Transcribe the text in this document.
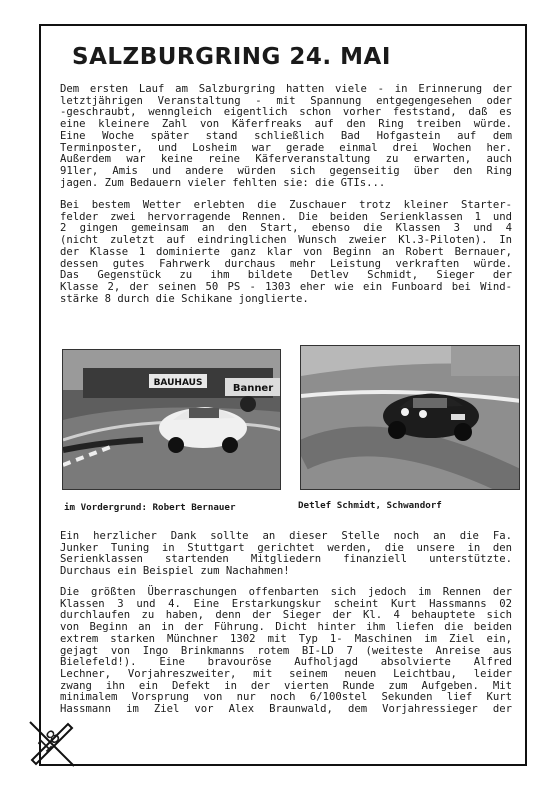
SALZBURGRING 24. MAI
Dem ersten Lauf am Salzburgring hatten viele - in Erinnerung der
letztjährigen Veranstaltung - mit Spannung entgegengesehen oder
-geschraubt, wenngleich eigentlich schon vorher feststand, daß es
eine kleinere Zahl von Käferfreaks auf den Ring treiben würde.
Eine Woche später stand schließlich Bad Hofgastein auf dem
Terminposter, und Losheim war gerade einmal drei Wochen her.
Außerdem war keine reine Käferveranstaltung zu erwarten, auch
91ler, Amis und andere würden sich gegenseitig über den Ring
jagen. Zum Bedauern vieler fehlten sie: die GTIs...
Bei bestem Wetter erlebten die Zuschauer trotz kleiner Starter-
felder zwei hervorragende Rennen. Die beiden Serienklassen 1 und
2 gingen gemeinsam an den Start, ebenso die Klassen 3 und 4
(nicht zuletzt auf eindringlichen Wunsch zweier Kl.3-Piloten). In
der Klasse 1 dominierte ganz klar von Beginn an Robert Bernauer,
dessen gutes Fahrwerk durchaus mehr Leistung verkraften würde.
Das Gegenstück zu ihm bildete Detlev Schmidt, Sieger der
Klasse 2, der seinen 50 PS - 1303 eher wie ein Funboard bei Wind-
stärke 8 durch die Schikane jonglierte.
BAUHAUS	Banner
im Vordergrund: Robert Bernauer	Detlef Schmidt, Schwandorf
Ein herzlicher Dank sollte an dieser Stelle noch an die Fa.
Junker Tuning in Stuttgart gerichtet werden, die unsere in den
Serienklassen startenden Mitgliedern finanziell unterstützte.
Durchaus ein Beispiel zum Nachahmen!
Die größten Überraschungen offenbarten sich jedoch im Rennen der
Klassen 3 und 4. Eine Erstarkungskur scheint Kurt Hassmanns 02
durchlaufen zu haben, denn der Sieger der Kl. 4 behauptete sich
von Beginn an in der Führung. Dicht hinter ihm liefen die beiden
extrem starken Münchner 1302 mit Typ 1- Maschinen im Ziel ein,
gejagt von Ingo Brinkmanns rotem BI-LD 7 (weiteste Anreise aus
Bielefeld!). Eine bravouröse Aufholjagd absolvierte Alfred
Lechner, Vorjahreszweiter, mit seinem neuen Leichtbau, leider
zwang ihn ein Defekt in der vierten Runde zum Aufgeben. Mit
minimalem Vorsprung von nur noch 6/100stel Sekunden lief Kurt
Hassmann im Ziel vor Alex Braunwald, dem Vorjahressieger der
18
